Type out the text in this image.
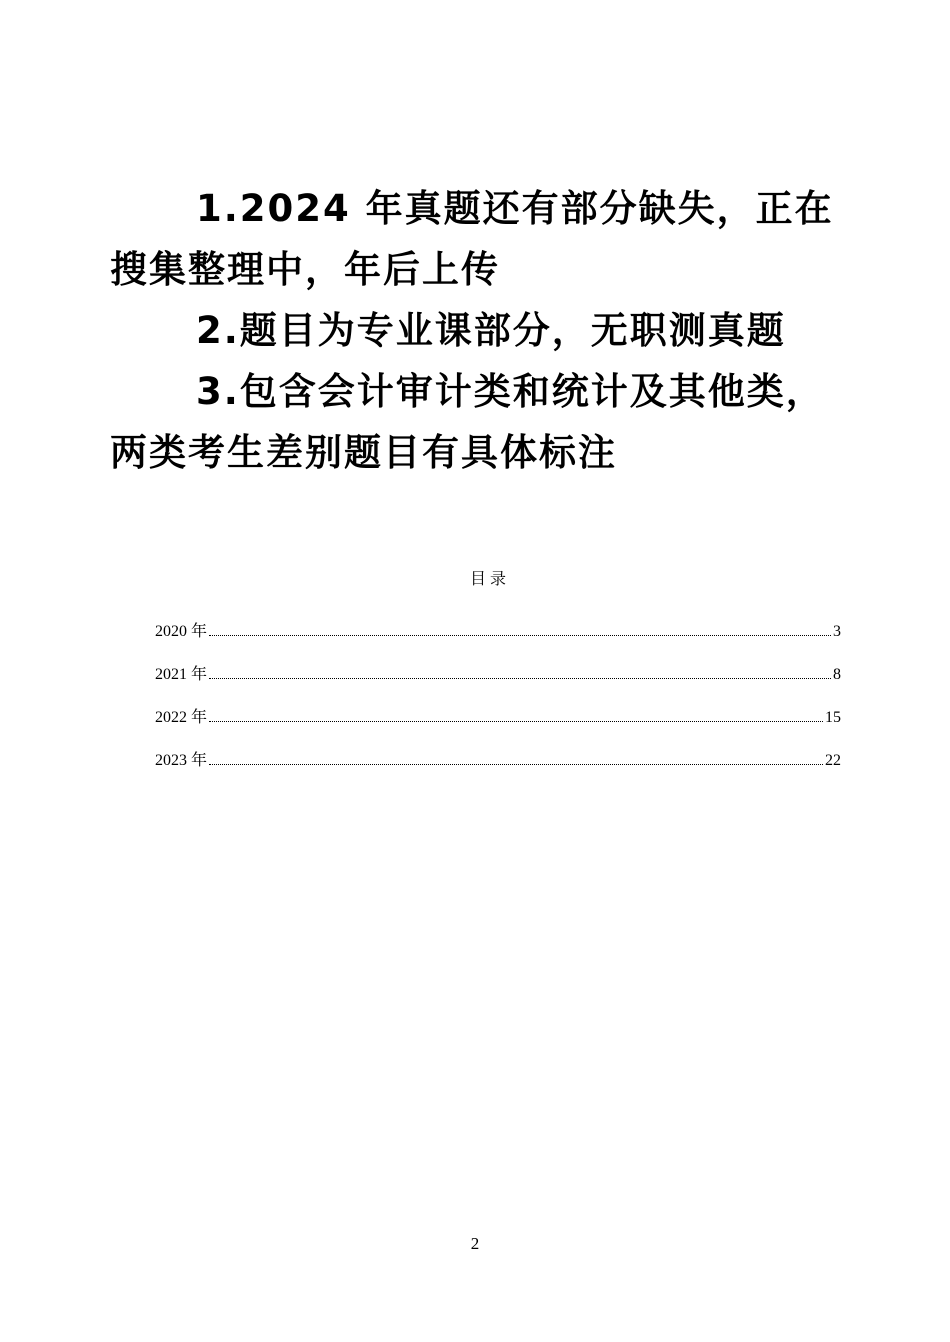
1.2024 年真题还有部分缺失，正在搜集整理中，年后上传

2.题目为专业课部分，无职测真题

3.包含会计审计类和统计及其他类，两类考生差别题目有具体标注

目录
2020 年	3
2021 年	8
2022 年	15
2023 年	22
2
